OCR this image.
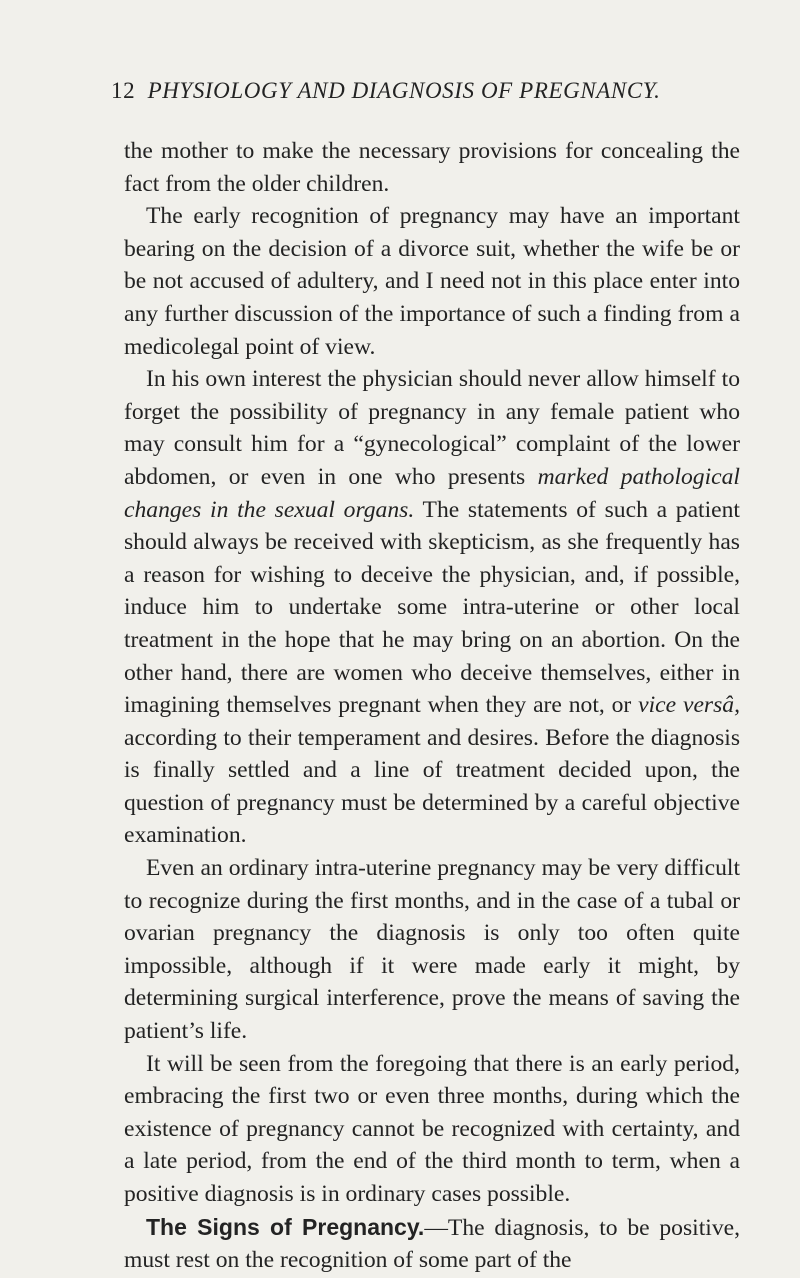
12 PHYSIOLOGY AND DIAGNOSIS OF PREGNANCY.

the mother to make the necessary provisions for concealing the fact from the older children.

The early recognition of pregnancy may have an important bearing on the decision of a divorce suit, whether the wife be or be not accused of adultery, and I need not in this place enter into any further discussion of the importance of such a finding from a medicolegal point of view.

In his own interest the physician should never allow himself to forget the possibility of pregnancy in any female patient who may consult him for a “gynecological” complaint of the lower abdomen, or even in one who presents marked pathological changes in the sexual organs. The statements of such a patient should always be received with skepticism, as she frequently has a reason for wishing to deceive the physician, and, if possible, induce him to undertake some intra-uterine or other local treatment in the hope that he may bring on an abortion. On the other hand, there are women who deceive themselves, either in imagining themselves pregnant when they are not, or vice versâ, according to their temperament and desires. Before the diagnosis is finally settled and a line of treatment decided upon, the question of pregnancy must be determined by a careful objective examination.

Even an ordinary intra-uterine pregnancy may be very difficult to recognize during the first months, and in the case of a tubal or ovarian pregnancy the diagnosis is only too often quite impossible, although if it were made early it might, by determining surgical interference, prove the means of saving the patient’s life.

It will be seen from the foregoing that there is an early period, embracing the first two or even three months, during which the existence of pregnancy cannot be recognized with certainty, and a late period, from the end of the third month to term, when a positive diagnosis is in ordinary cases possible.

The Signs of Pregnancy.—The diagnosis, to be positive, must rest on the recognition of some part of the
